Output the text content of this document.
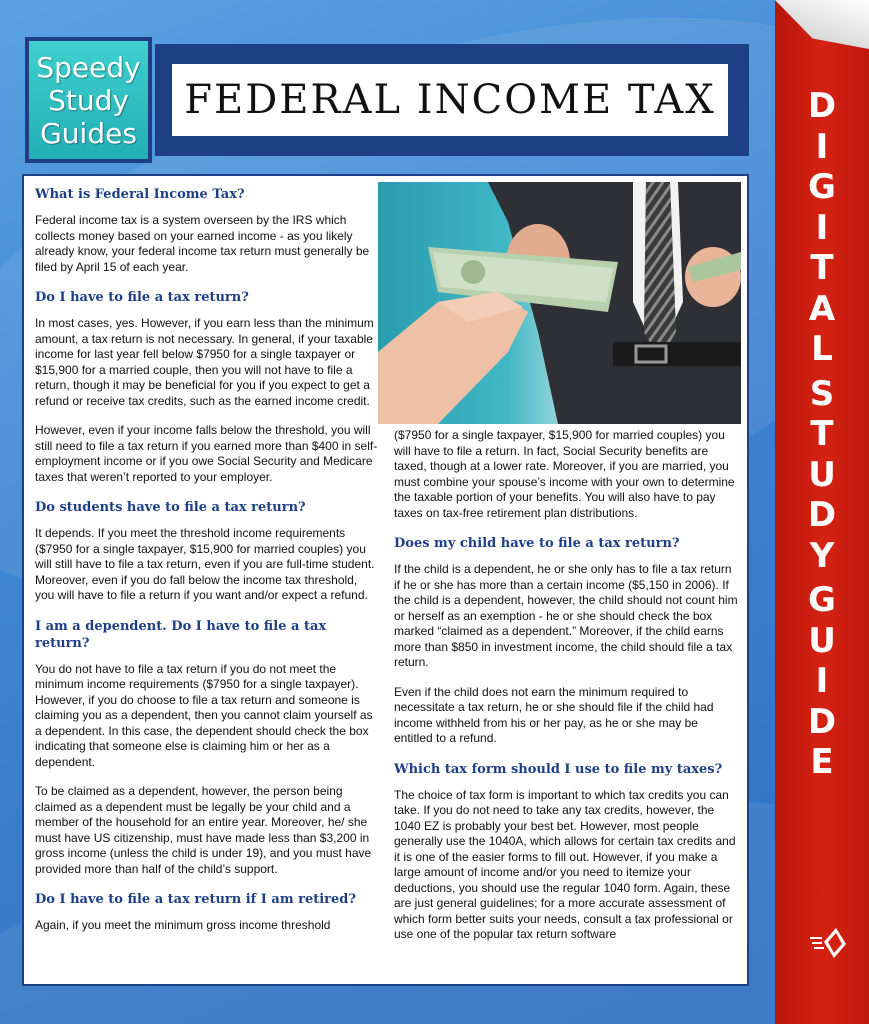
FEDERAL INCOME TAX
Speedy
Study
Guides
What is Federal Income Tax?

Federal income tax is a system overseen by the IRS which collects money based on your earned income - as you likely already know, your federal income tax return must generally be filed by April 15 of each year.

Do I have to file a tax return?

In most cases, yes. However, if you earn less than the minimum amount, a tax return is not necessary. In general, if your taxable income for last year fell below $7950 for a single taxpayer or $15,900 for a married couple, then you will not have to file a return, though it may be beneficial for you if you expect to get a refund or receive tax credits, such as the earned income credit.

However, even if your income falls below the threshold, you will still need to file a tax return if you earned more than $400 in self-employment income or if you owe Social Security and Medicare taxes that weren’t reported to your employer.

Do students have to file a tax return?

It depends. If you meet the threshold income requirements ($7950 for a single taxpayer, $15,900 for married couples) you will still have to file a tax return, even if you are full-time student. Moreover, even if you do fall below the income tax threshold, you will have to file a return if you want and/or expect a refund.

I am a dependent. Do I have to file a tax return?

You do not have to file a tax return if you do not meet the minimum income requirements ($7950 for a single taxpayer). However, if you do choose to file a tax return and someone is claiming you as a dependent, then you cannot claim yourself as a dependent. In this case, the dependent should check the box indicating that someone else is claiming him or her as a dependent.

To be claimed as a dependent, however, the person being claimed as a dependent must be legally be your child and a member of the household for an entire year. Moreover, he/ she must have US citizenship, must have made less than $3,200 in gross income (unless the child is under 19), and you must have provided more than half of the child’s support.

Do I have to file a tax return if I am retired?

Again, if you meet the minimum gross income threshold

($7950 for a single taxpayer, $15,900 for married couples) you will have to file a return. In fact, Social Security benefits are taxed, though at a lower rate. Moreover, if you are married, you must combine your spouse’s income with your own to determine the taxable portion of your benefits. You will also have to pay taxes on tax-free retirement plan distributions.

Does my child have to file a tax return?

If the child is a dependent, he or she only has to file a tax return if he or she has more than a certain income ($5,150 in 2006). If the child is a dependent, however, the child should not count him or herself as an exemption - he or she should check the box marked “claimed as a dependent.” Moreover, if the child earns more than $850 in investment income, the child should file a tax return.

Even if the child does not earn the minimum required to necessitate a tax return, he or she should file if the child had income withheld from his or her pay, as he or she may be entitled to a refund.

Which tax form should I use to file my taxes?

The choice of tax form is important to which tax credits you can take. If you do not need to take any tax credits, however, the 1040 EZ is probably your best bet. However, most people generally use the 1040A, which allows for certain tax credits and it is one of the easier forms to fill out. However, if you make a large amount of income and/or you need to itemize your deductions, you should use the regular 1040 form. Again, these are just general guidelines; for a more accurate assessment of which form better suits your needs, consult a tax professional or use one of the popular tax return software

D
I
G
I
T
A
L

S
T
U
D
Y

G
U
I
D
E
